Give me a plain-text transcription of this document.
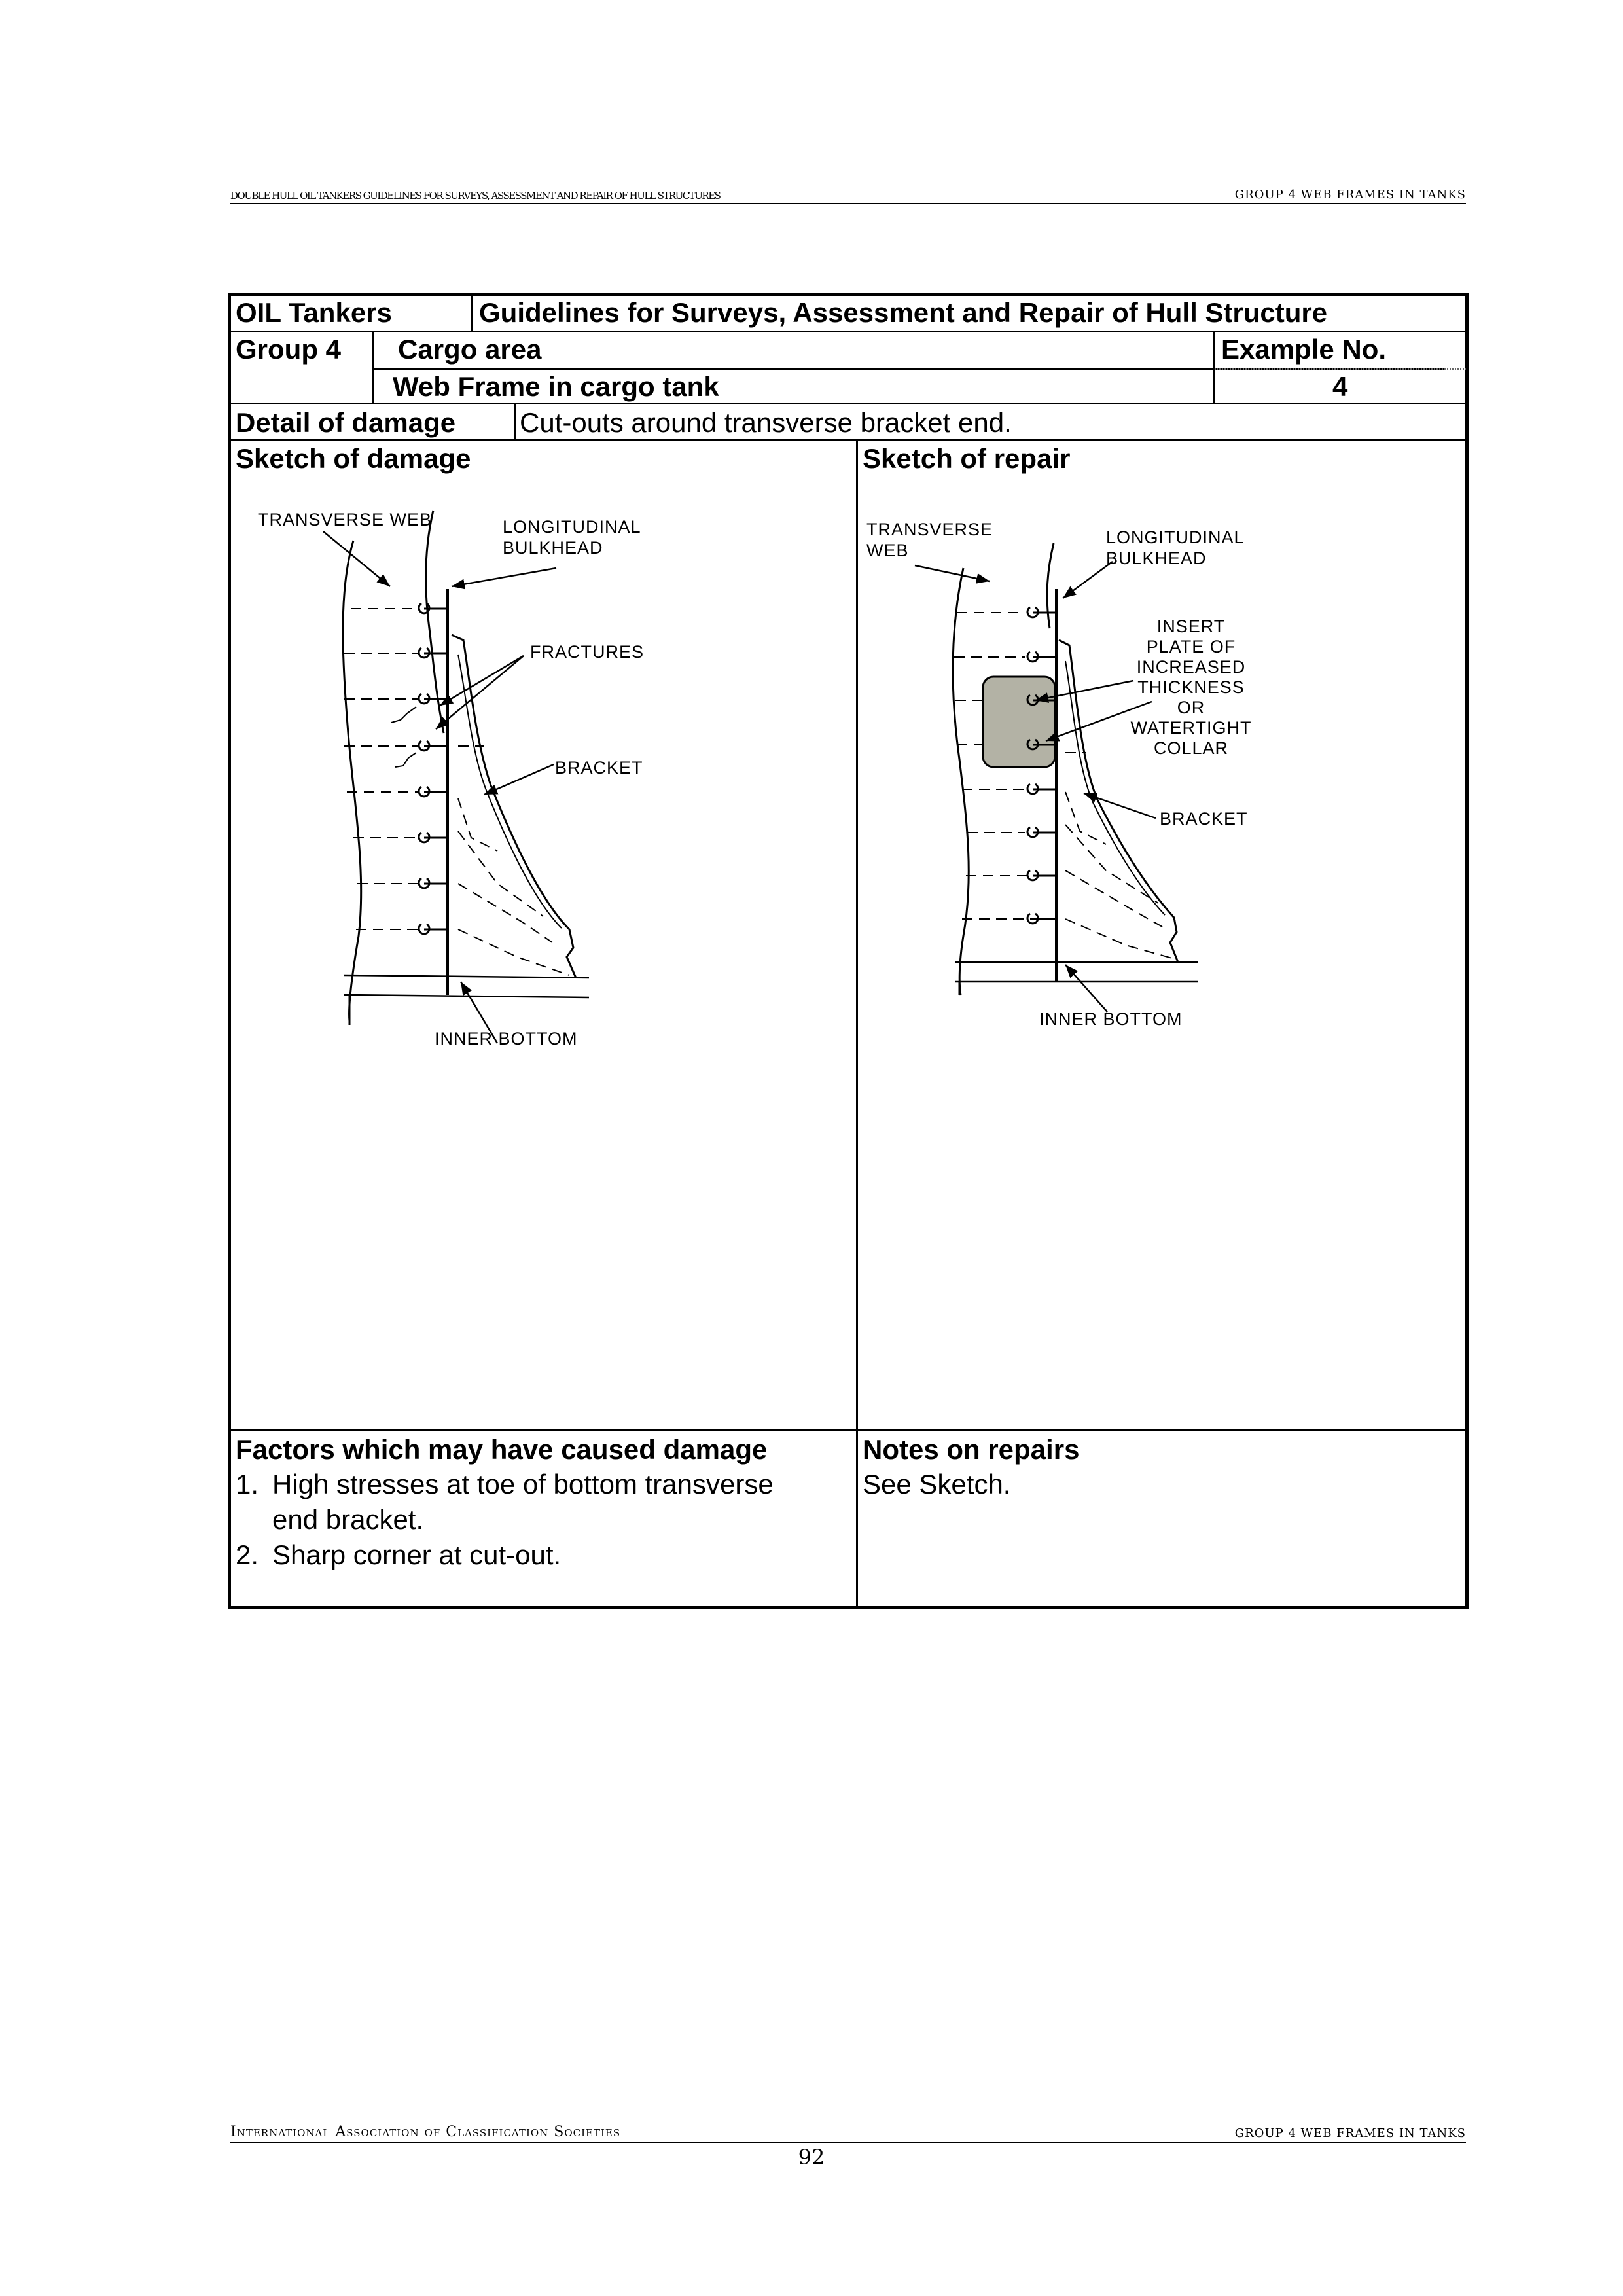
DOUBLE HULL OIL TANKERS GUIDELINES FOR SURVEYS, ASSESSMENT AND REPAIR OF HULL STRUCTURES	GROUP 4 WEB FRAMES IN TANKS
OIL Tankers	Guidelines for Surveys, Assessment and Repair of Hull Structure
Group 4 Cargo area	Example No.
Web Frame in cargo tank	4
Detail of damage Cut-outs around transverse bracket end.
Sketch of damage	Sketch of repair
Factors which may have caused damage
1. High stresses at toe of bottom transverse
end bracket.
2. Sharp corner at cut-out.
Notes on repairs
See Sketch.
TRANSVERSE WEB	LONGITUDINAL
BULKHEAD
FRACTURES
BRACKET
INNER BOTTOM
TRANSVERSE
WEB
LONGITUDINAL
BULKHEAD
INSERT
PLATE OF
INCREASED
THICKNESS
OR
WATERTIGHT
COLLAR
BRACKET
INNER BOTTOM
International Association of Classification Societies	GROUP 4 WEB FRAMES IN TANKS
92
